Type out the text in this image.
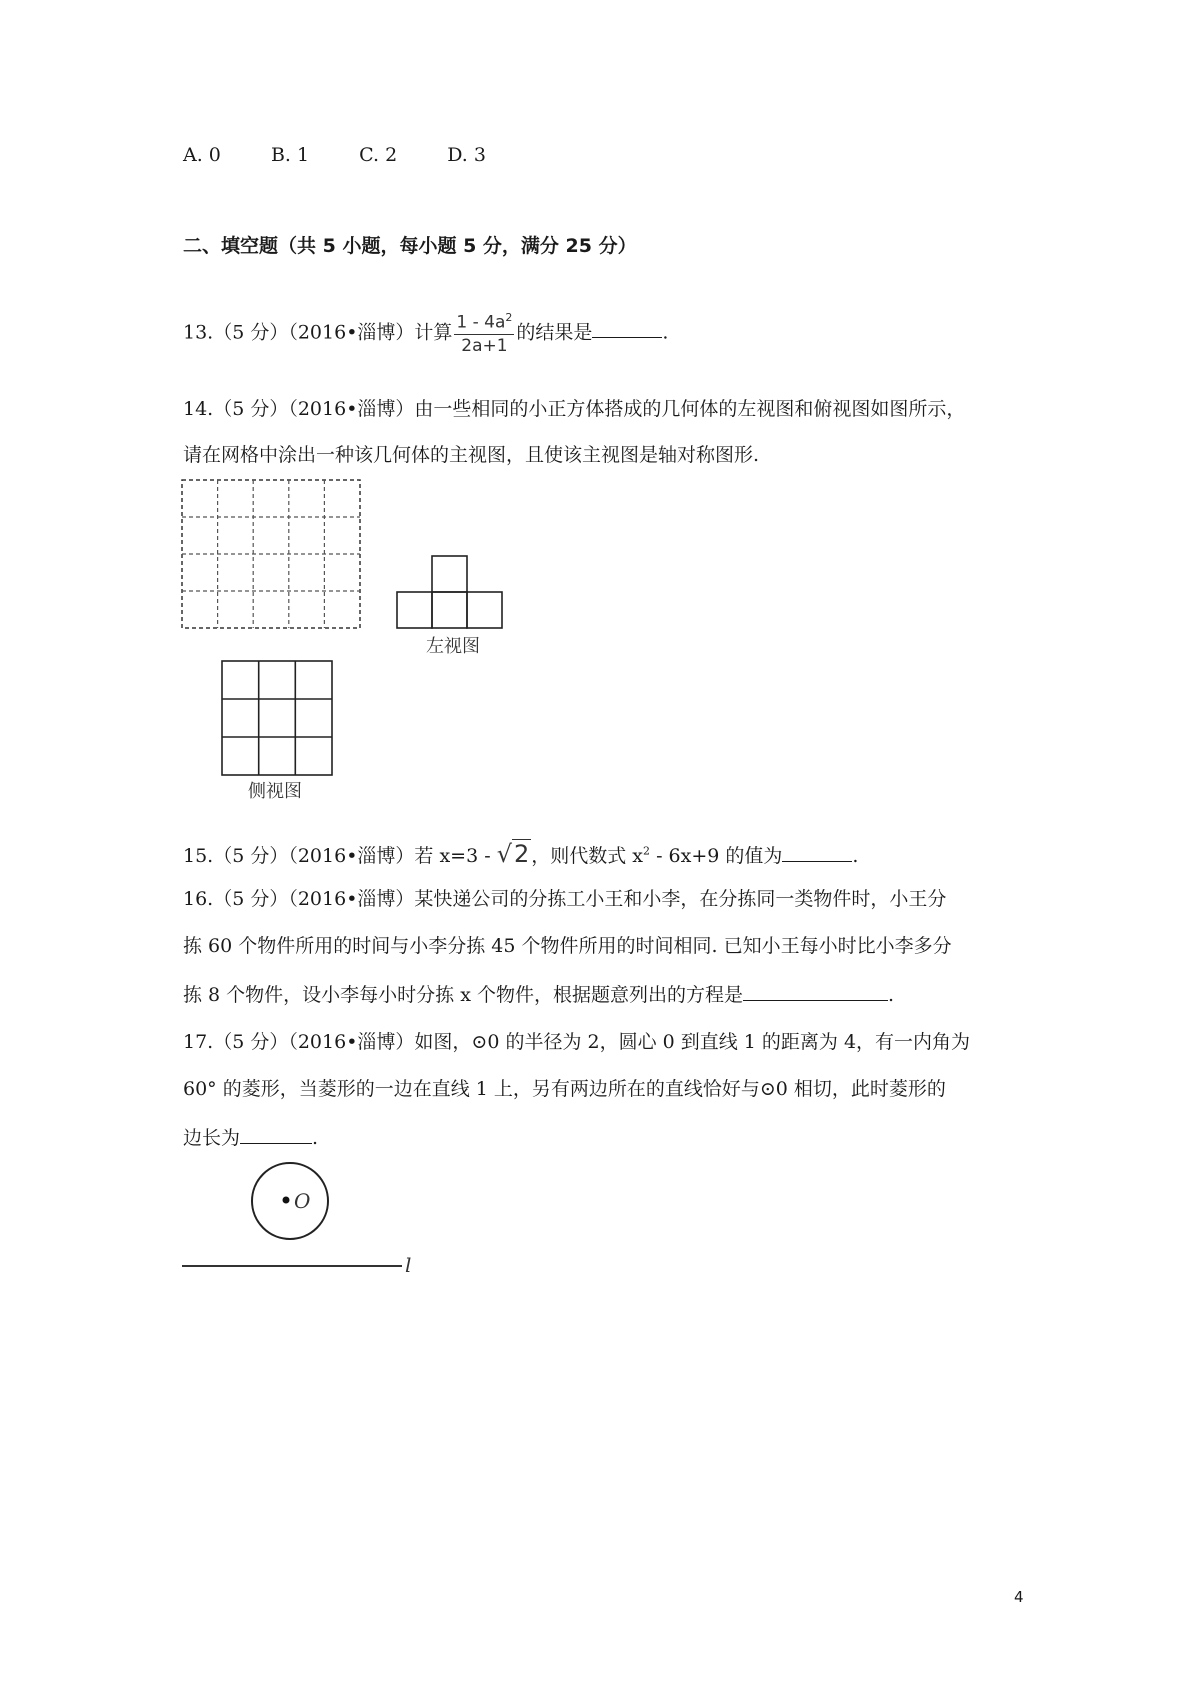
A. 0	B. 1	C. 2	D. 3
二、填空题（共 5 小题，每小题 5 分，满分 25 分）
13.（5 分）（2016•淄博）计算 $\frac{1 - 4a^2}{2a+1}$ 的结果是	.
14.（5 分）（2016•淄博）由一些相同的小正方体搭成的几何体的左视图和俯视图如图所示，
请在网格中涂出一种该几何体的主视图，且使该主视图是轴对称图形.
左视图
侧视图
15.（5 分）（2016•淄博）若 x=3 - √2 ，则代数式 $x^2 - 6x+9$ 的值为	.
16.（5 分）（2016•淄博）某快递公司的分拣工小王和小李，在分拣同一类物件时，小王分
拣 60 个物件所用的时间与小李分拣 45 个物件所用的时间相同. 已知小王每小时比小李多分
拣 8 个物件，设小李每小时分拣 x 个物件，根据题意列出的方程是	.
17.（5 分）（2016•淄博）如图，⊙0 的半径为 2，圆心 0 到直线 1 的距离为 4，有一内角为
60° 的菱形，当菱形的一边在直线 1 上，另有两边所在的直线恰好与⊙0 相切，此时菱形的
边长为	.
O
l
4
